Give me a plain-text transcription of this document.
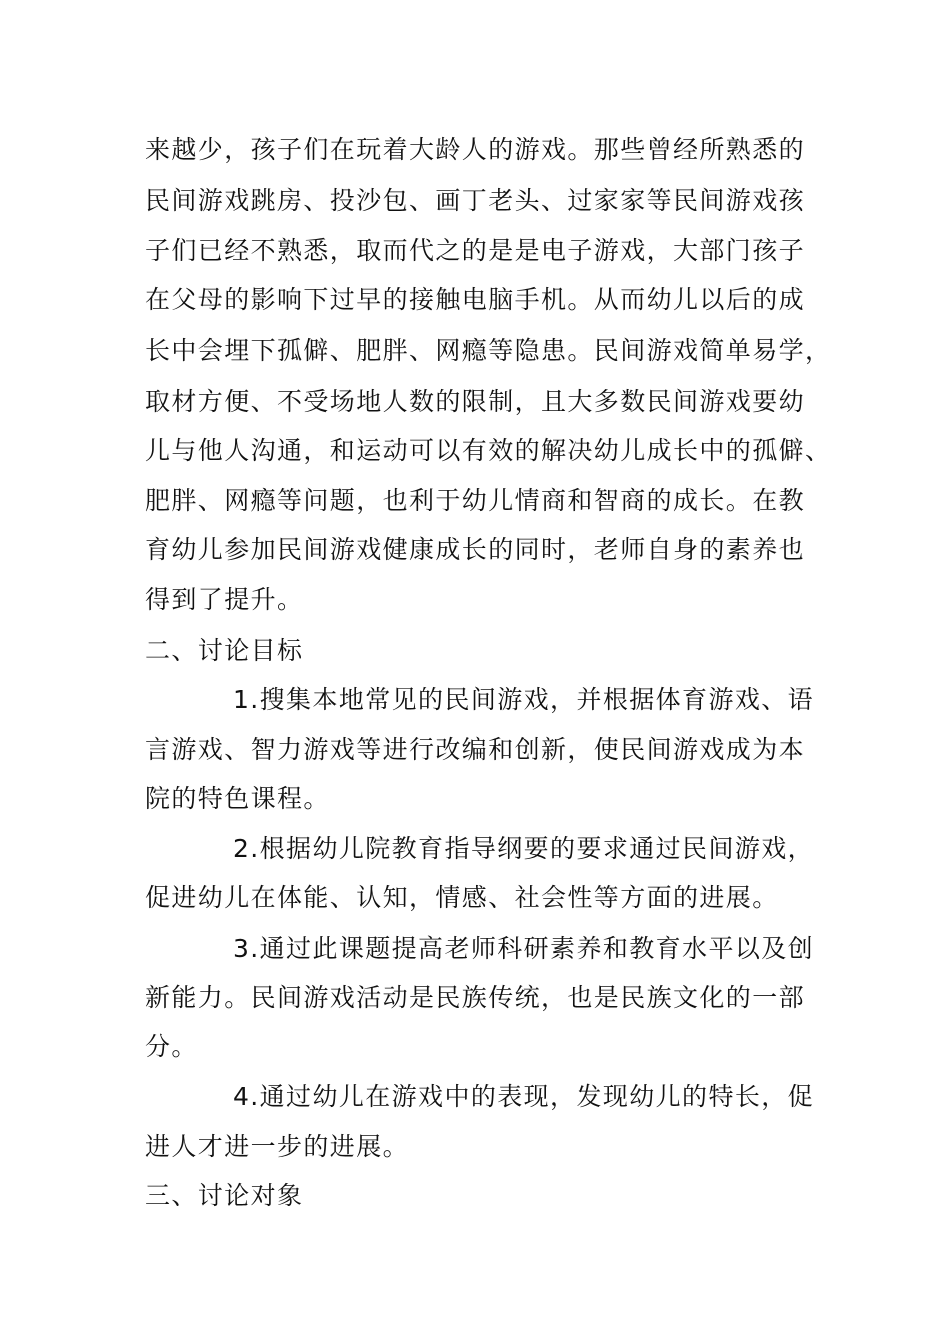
来越少，孩子们在玩着大龄人的游戏。那些曾经所熟悉的
民间游戏跳房、投沙包、画丁老头、过家家等民间游戏孩
子们已经不熟悉，取而代之的是是电子游戏，大部门孩子
在父母的影响下过早的接触电脑手机。从而幼儿以后的成
长中会埋下孤僻、肥胖、网瘾等隐患。民间游戏简单易学，
取材方便、不受场地人数的限制，且大多数民间游戏要幼
儿与他人沟通，和运动可以有效的解决幼儿成长中的孤僻、
肥胖、网瘾等问题，也利于幼儿情商和智商的成长。在教
育幼儿参加民间游戏健康成长的同时，老师自身的素养也
得到了提升。
二、讨论目标
1.搜集本地常见的民间游戏，并根据体育游戏、语
言游戏、智力游戏等进行改编和创新，使民间游戏成为本
院的特色课程。
2.根据幼儿院教育指导纲要的要求通过民间游戏，
促进幼儿在体能、认知，情感、社会性等方面的进展。
3.通过此课题提高老师科研素养和教育水平以及创
新能力。民间游戏活动是民族传统，也是民族文化的一部
分。
4.通过幼儿在游戏中的表现，发现幼儿的特长，促
进人才进一步的进展。
三、讨论对象
